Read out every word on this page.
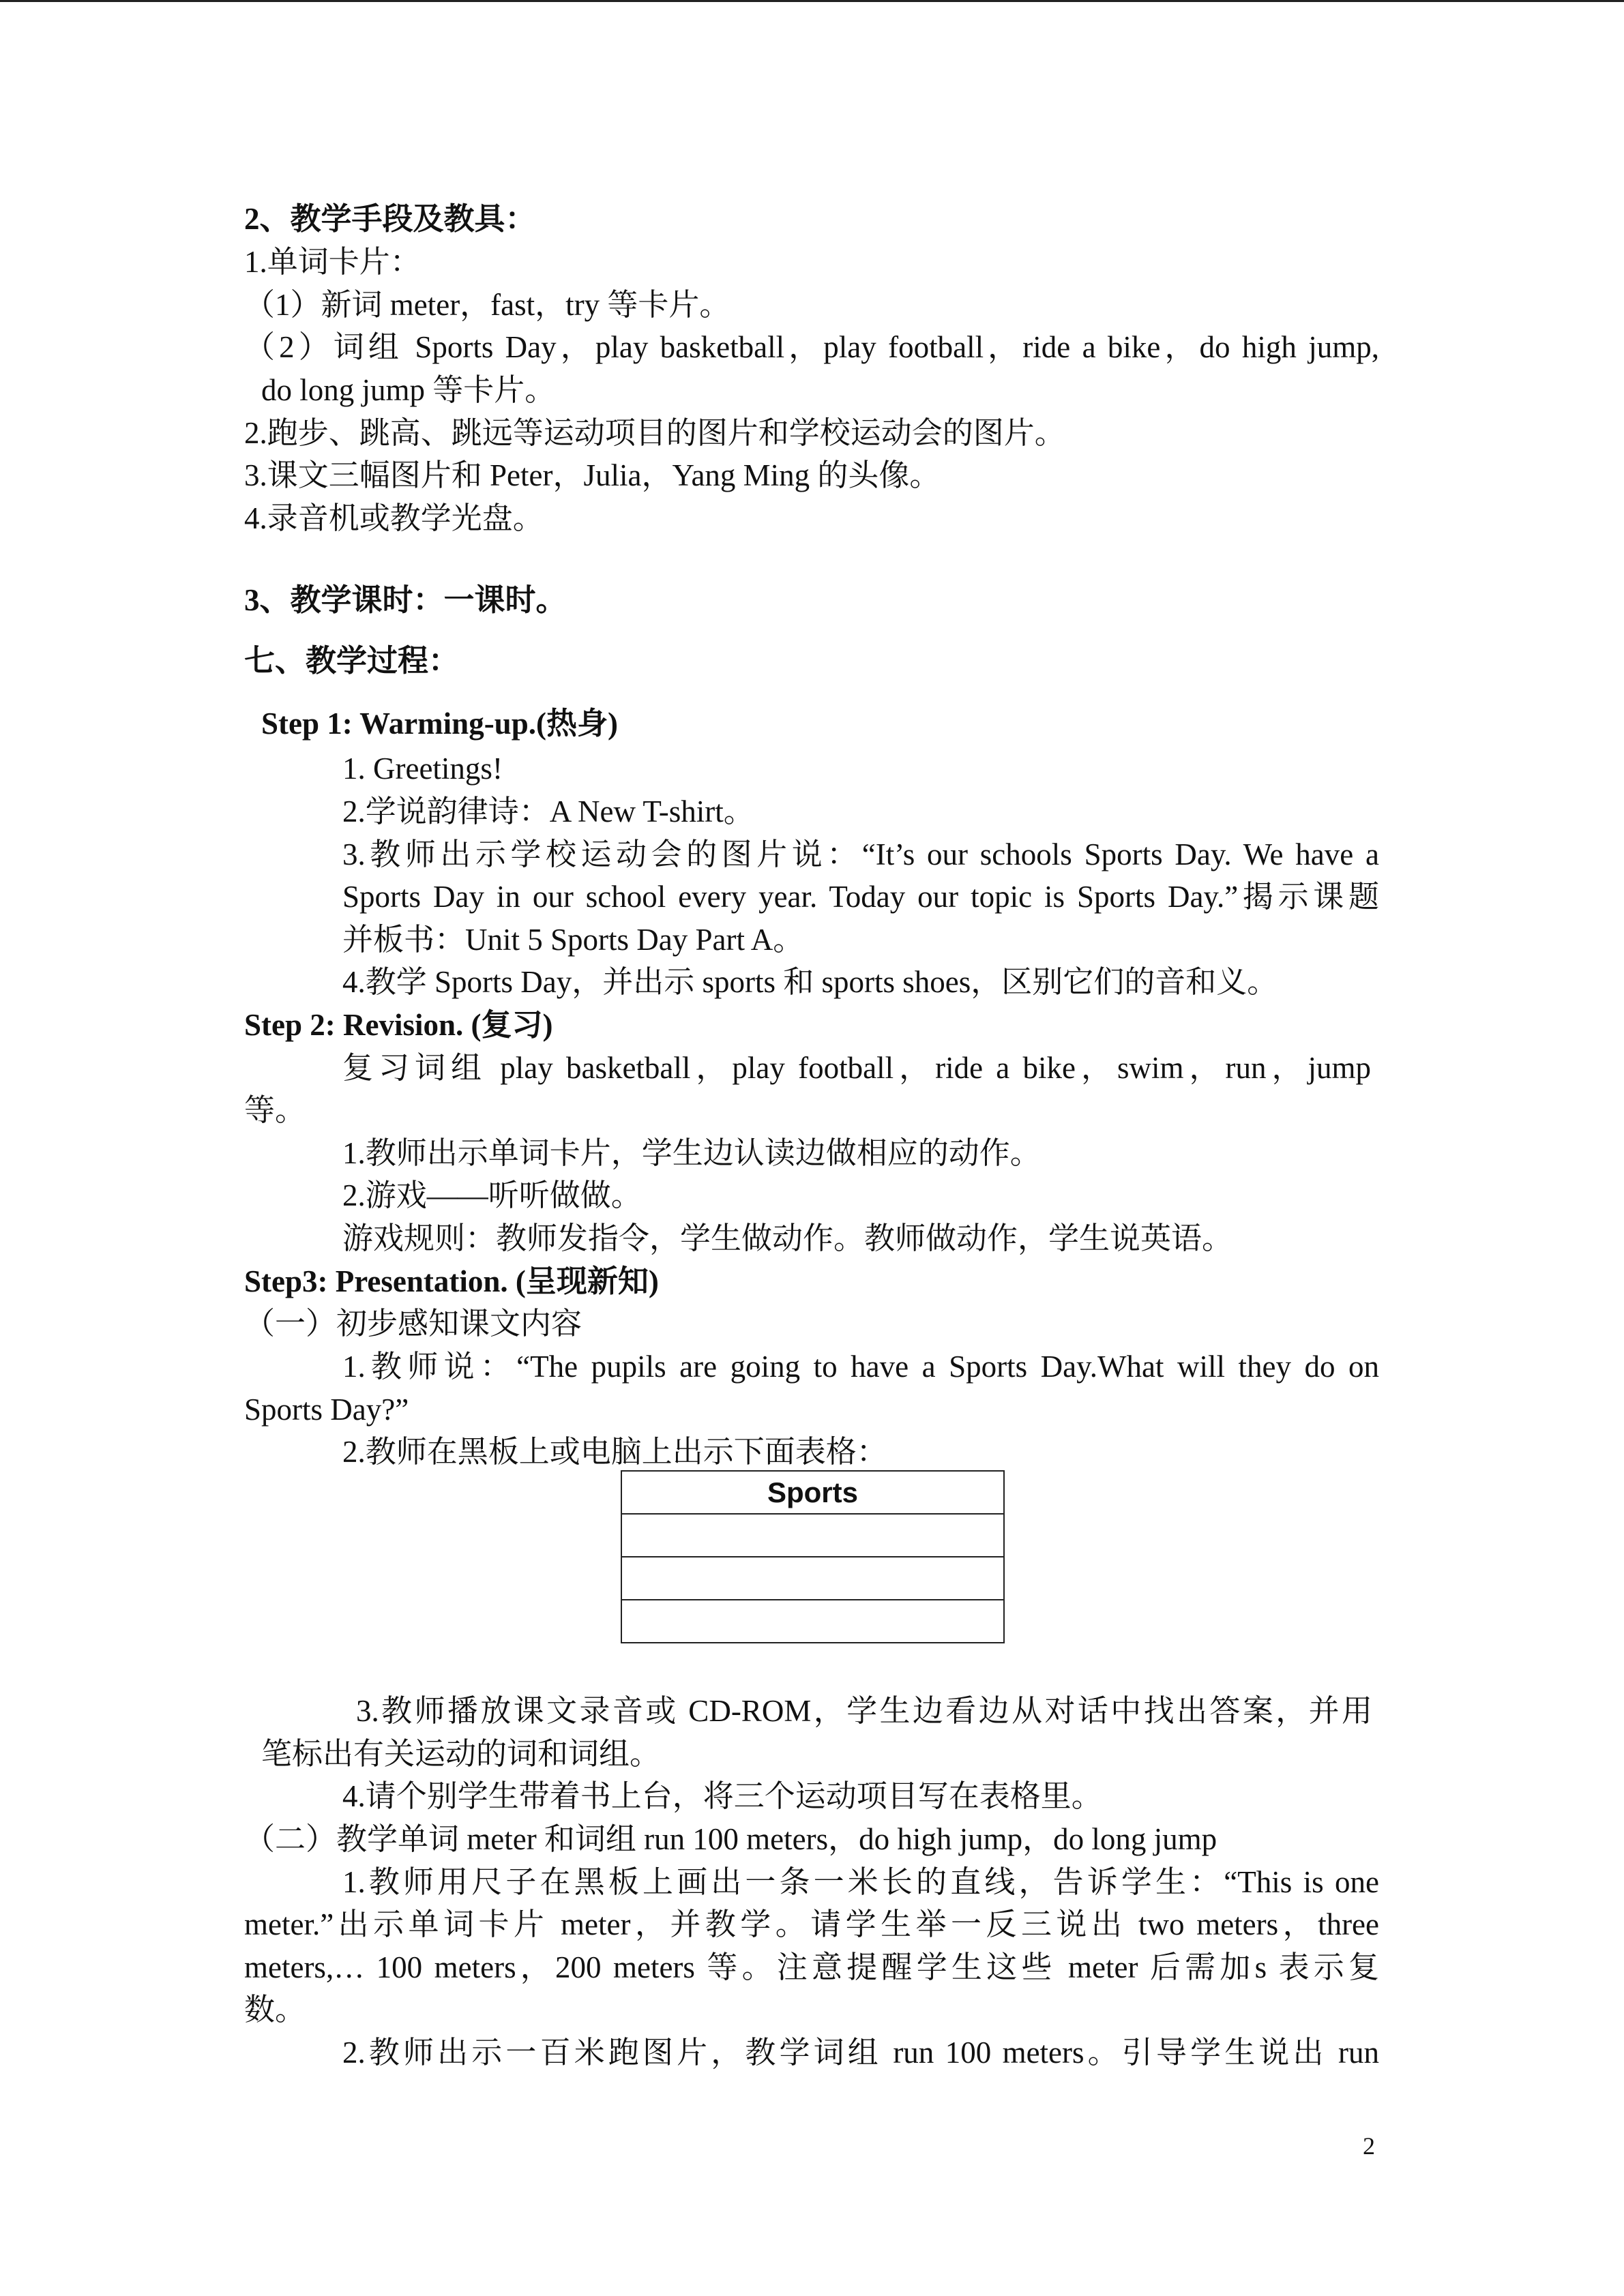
2、教学手段及教具：
1.单词卡片：
（1）新词 meter，fast，try 等卡片。
（2）词组 Sports Day，play basketball，play football，ride a bike，do high jump,
do long jump 等卡片。
2.跑步、跳高、跳远等运动项目的图片和学校运动会的图片。
3.课文三幅图片和 Peter，Julia，Yang Ming 的头像。
4.录音机或教学光盘。
3、教学课时：一课时。
七、教学过程：
Step 1: Warming-up.(热身)
1. Greetings!
2.学说韵律诗：A New T-shirt。
3.教师出示学校运动会的图片说：“It’s our schools Sports Day. We have a
Sports Day in our school every year. Today our topic is Sports Day.”揭示课题
并板书：Unit 5 Sports Day Part A。
4.教学 Sports Day，并出示 sports 和 sports shoes，区别它们的音和义。
Step 2: Revision. (复习)
复习词组 play basketball，play football，ride a bike，swim，run，jump
等。
1.教师出示单词卡片，学生边认读边做相应的动作。
2.游戏——听听做做。
游戏规则：教师发指令，学生做动作。教师做动作，学生说英语。
Step3: Presentation. (呈现新知)
（一）初步感知课文内容
1.教师说：“The pupils are going to have a Sports Day.What will they do on
Sports Day?”
2.教师在黑板上或电脑上出示下面表格：
Sports

3.教师播放课文录音或 CD-ROM，学生边看边从对话中找出答案，并用
笔标出有关运动的词和词组。
4.请个别学生带着书上台，将三个运动项目写在表格里。
（二）教学单词 meter 和词组 run 100 meters，do high jump，do long jump
1.教师用尺子在黑板上画出一条一米长的直线，告诉学生：“This is one
meter.”出示单词卡片 meter，并教学。请学生举一反三说出 two meters，three
meters,… 100 meters，200 meters 等。注意提醒学生这些 meter 后需加s 表示复
数。
2.教师出示一百米跑图片，教学词组 run 100 meters。引导学生说出 run
2
